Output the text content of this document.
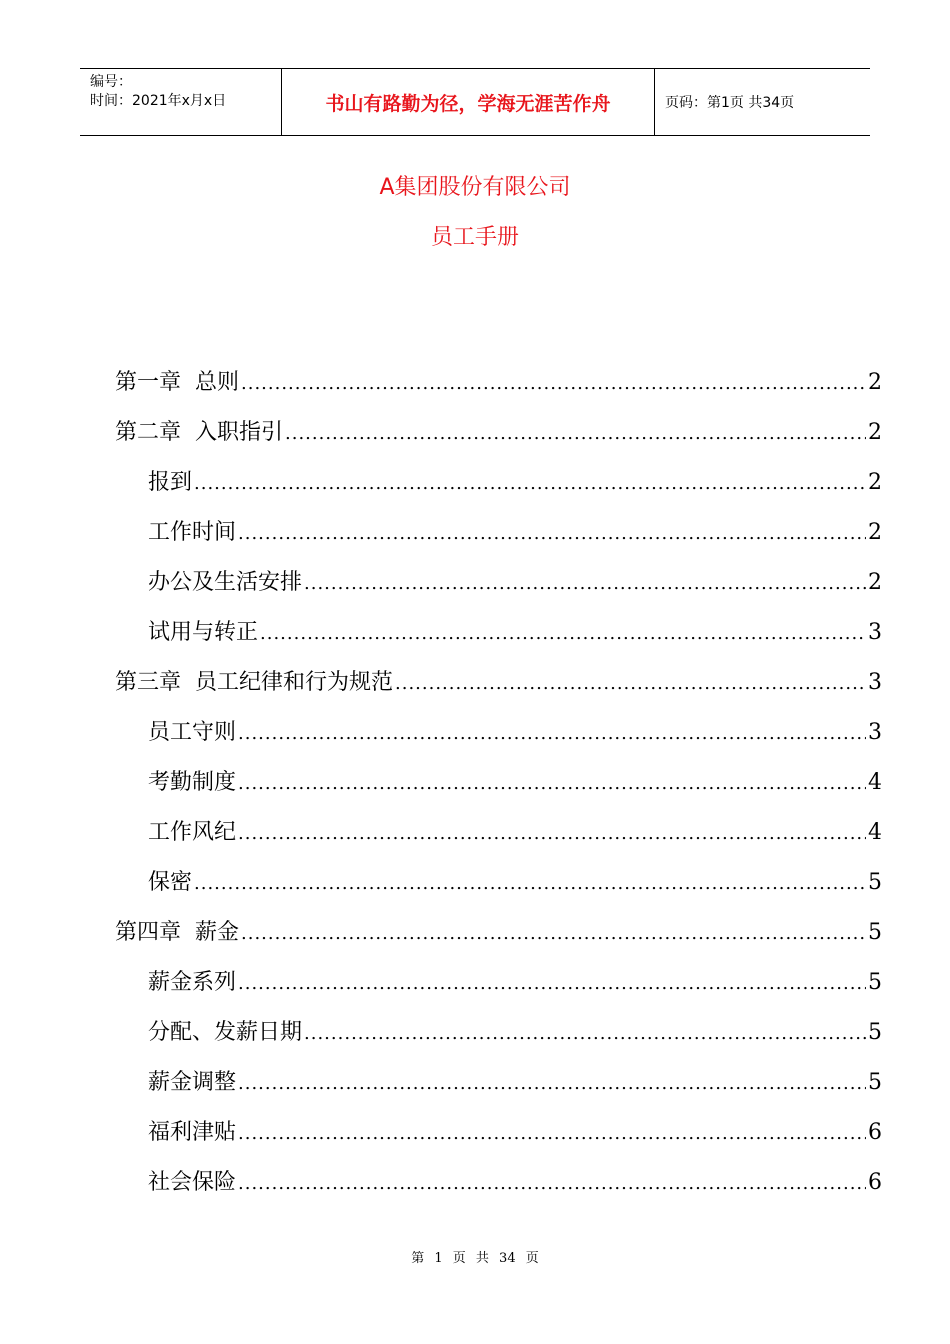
编号：
时间：2021年x月x日	书山有路勤为径，学海无涯苦作舟	页码：第1页 共34页
A集团股份有限公司
员工手册
第一章  总则 .....	2
第二章  入职指引 .....	2
报到 .....	2
工作时间 .....	2
办公及生活安排 .....	2
试用与转正 .....	3
第三章  员工纪律和行为规范 .....	3
员工守则 .....	3
考勤制度 .....	4
工作风纪 .....	4
保密 .....	5
第四章  薪金 .....	5
薪金系列 .....	5
分配、发薪日期 .....	5
薪金调整 .....	5
福利津贴 .....	6
社会保险 .....	6
第 1 页 共 34 页
